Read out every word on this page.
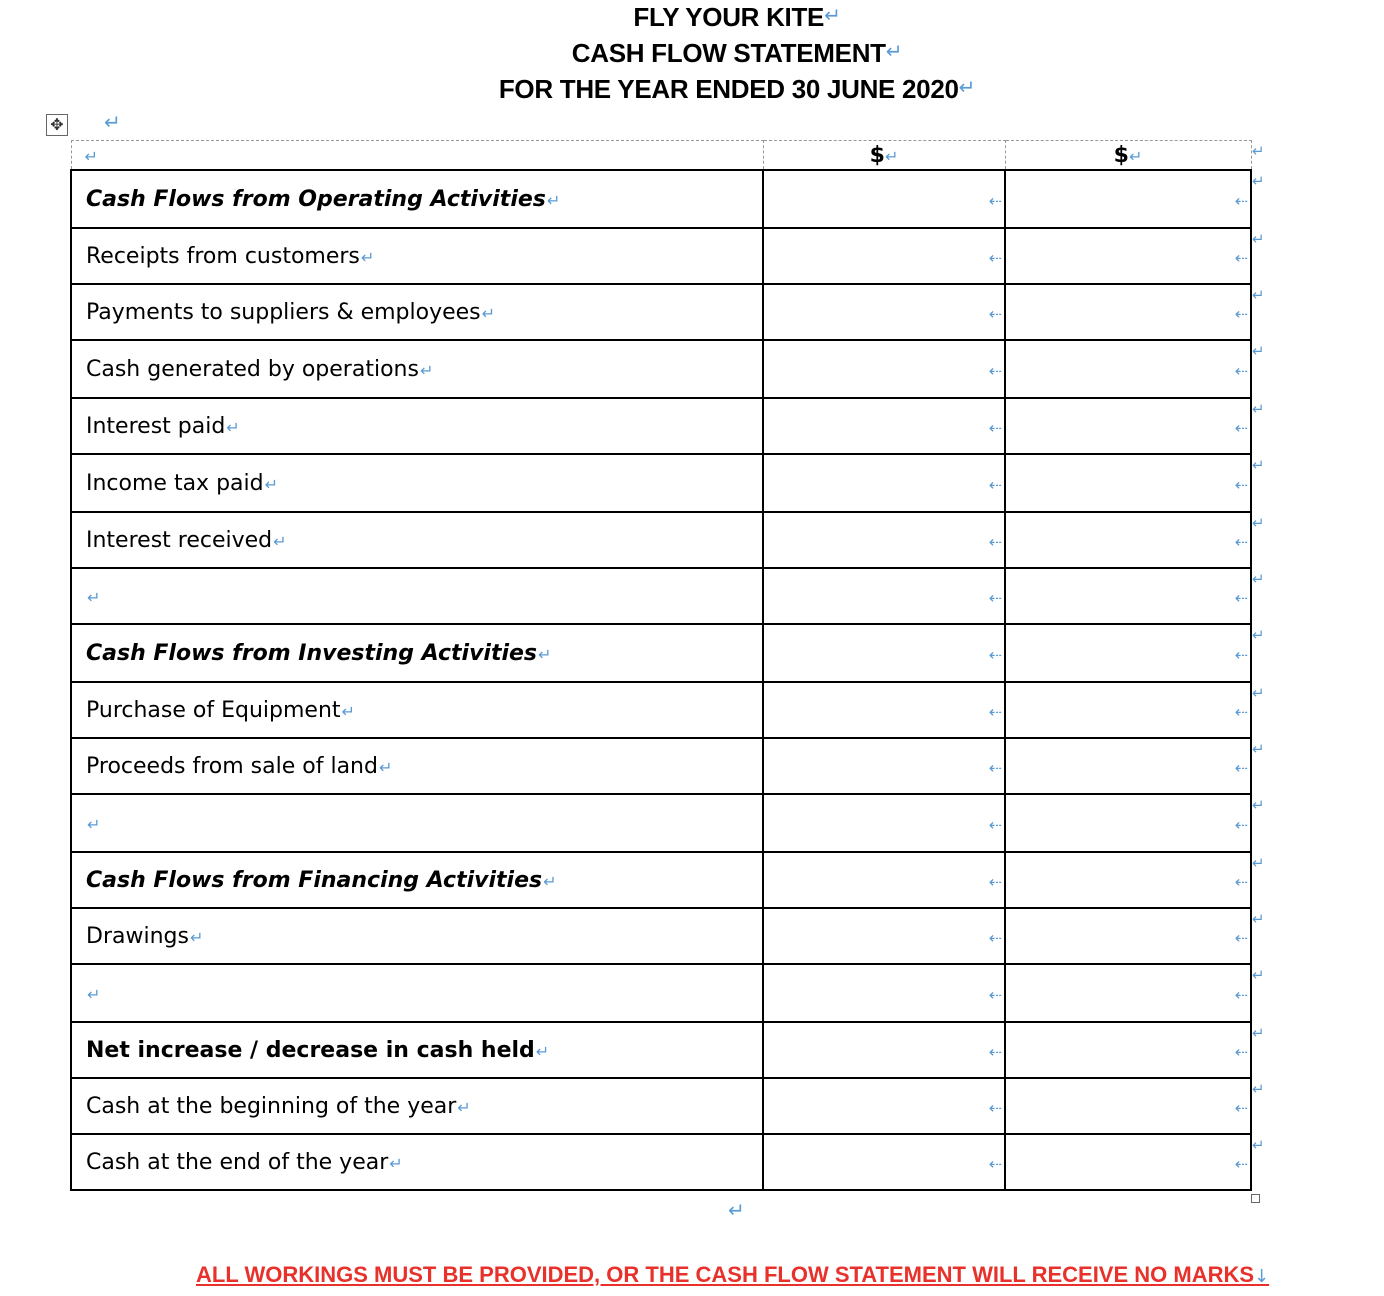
FLY YOUR KITE↵
CASH FLOW STATEMENT↵
FOR THE YEAR ENDED 30 JUNE 2020↵
✥ ↵
↵	$↵	$↵
Cash Flows from Operating Activities↵	⇠	⇠

Receipts from customers↵	⇠	⇠

Payments to suppliers & employees↵	⇠	⇠

Cash generated by operations↵	⇠	⇠

Interest paid↵	⇠	⇠

Income tax paid↵	⇠	⇠

Interest received↵	⇠	⇠

↵	⇠	⇠

Cash Flows from Investing Activities↵	⇠	⇠

Purchase of Equipment↵	⇠	⇠

Proceeds from sale of land↵	⇠	⇠

↵	⇠	⇠

Cash Flows from Financing Activities↵	⇠	⇠

Drawings↵	⇠	⇠

↵	⇠	⇠

Net increase / decrease in cash held↵	⇠	⇠

Cash at the beginning of the year↵	⇠	⇠

Cash at the end of the year↵	⇠	⇠
↵
↵
↵
↵
↵
↵
↵
↵
↵
↵
↵
↵
↵
↵
↵
↵
↵
↵
↵
↵
ALL WORKINGS MUST BE PROVIDED, OR THE CASH FLOW STATEMENT WILL RECEIVE NO MARKS↓
